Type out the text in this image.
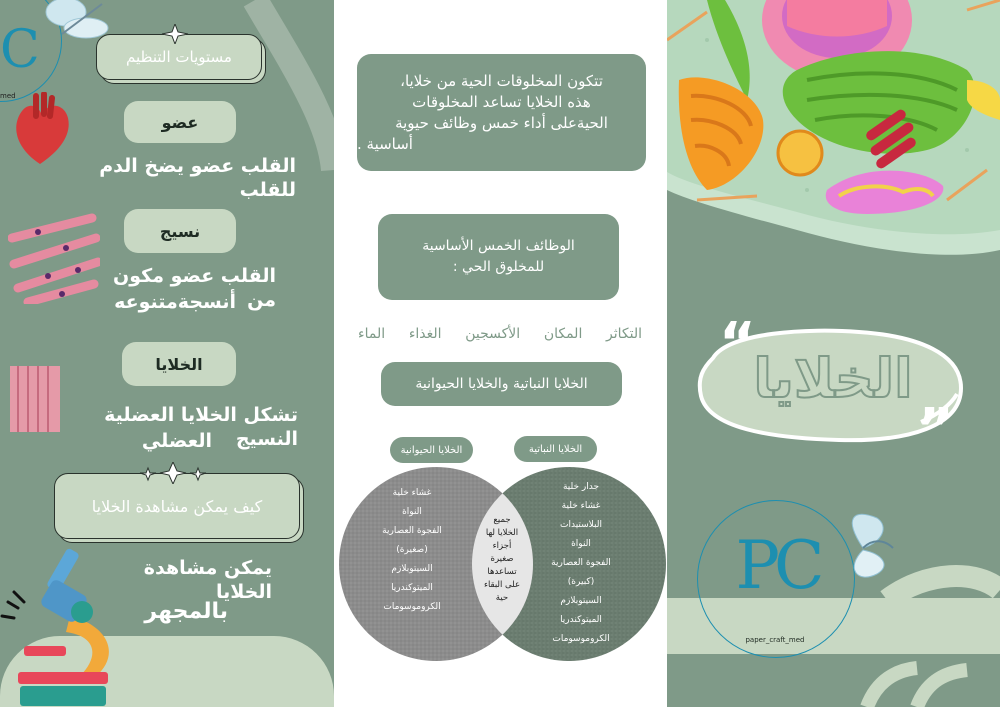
C
med
مستويات التنظيم
عضو
القلب عضو يضخ الدم للقلب
نسيج
القلب عضو مكون من
أنسجةمتنوعه
الخلايا
تشكل الخلايا العضلية النسيج
العضلي
كيف يمكن مشاهدة الخلايا
يمكن مشاهدة الخلايا
بالمجهر
تتكون المخلوقات الحية من خلايا،
هذه الخلايا تساعد المخلوقات
الحيةعلى أداء خمس وظائف حيوية
أساسية .
الوظائف الخمس الأساسية
للمخلوق الحي :
الماء الغذاء الأكسجين المكان التكاثر
الخلايا النباتية والخلايا الحيوانية
الخلايا الحيوانية	الخلايا النباتية
غشاء خلية
النواة
الفجوة العصارية
(صغيرة)
السيتوبلازم
الميتوكندريا
الكروموسومات
جدار خلية
غشاء خلية
البلاستيدات
النواة
الفجوة العصارية
(كبيرة)
السيتوبلازم
الميتوكندريا
الكروموسومات
جميع
الخلايا لها
أجزاء
صغيرة
تساعدها
على البقاء
حية
الخلايا
“
”
PC
paper_craft_med
